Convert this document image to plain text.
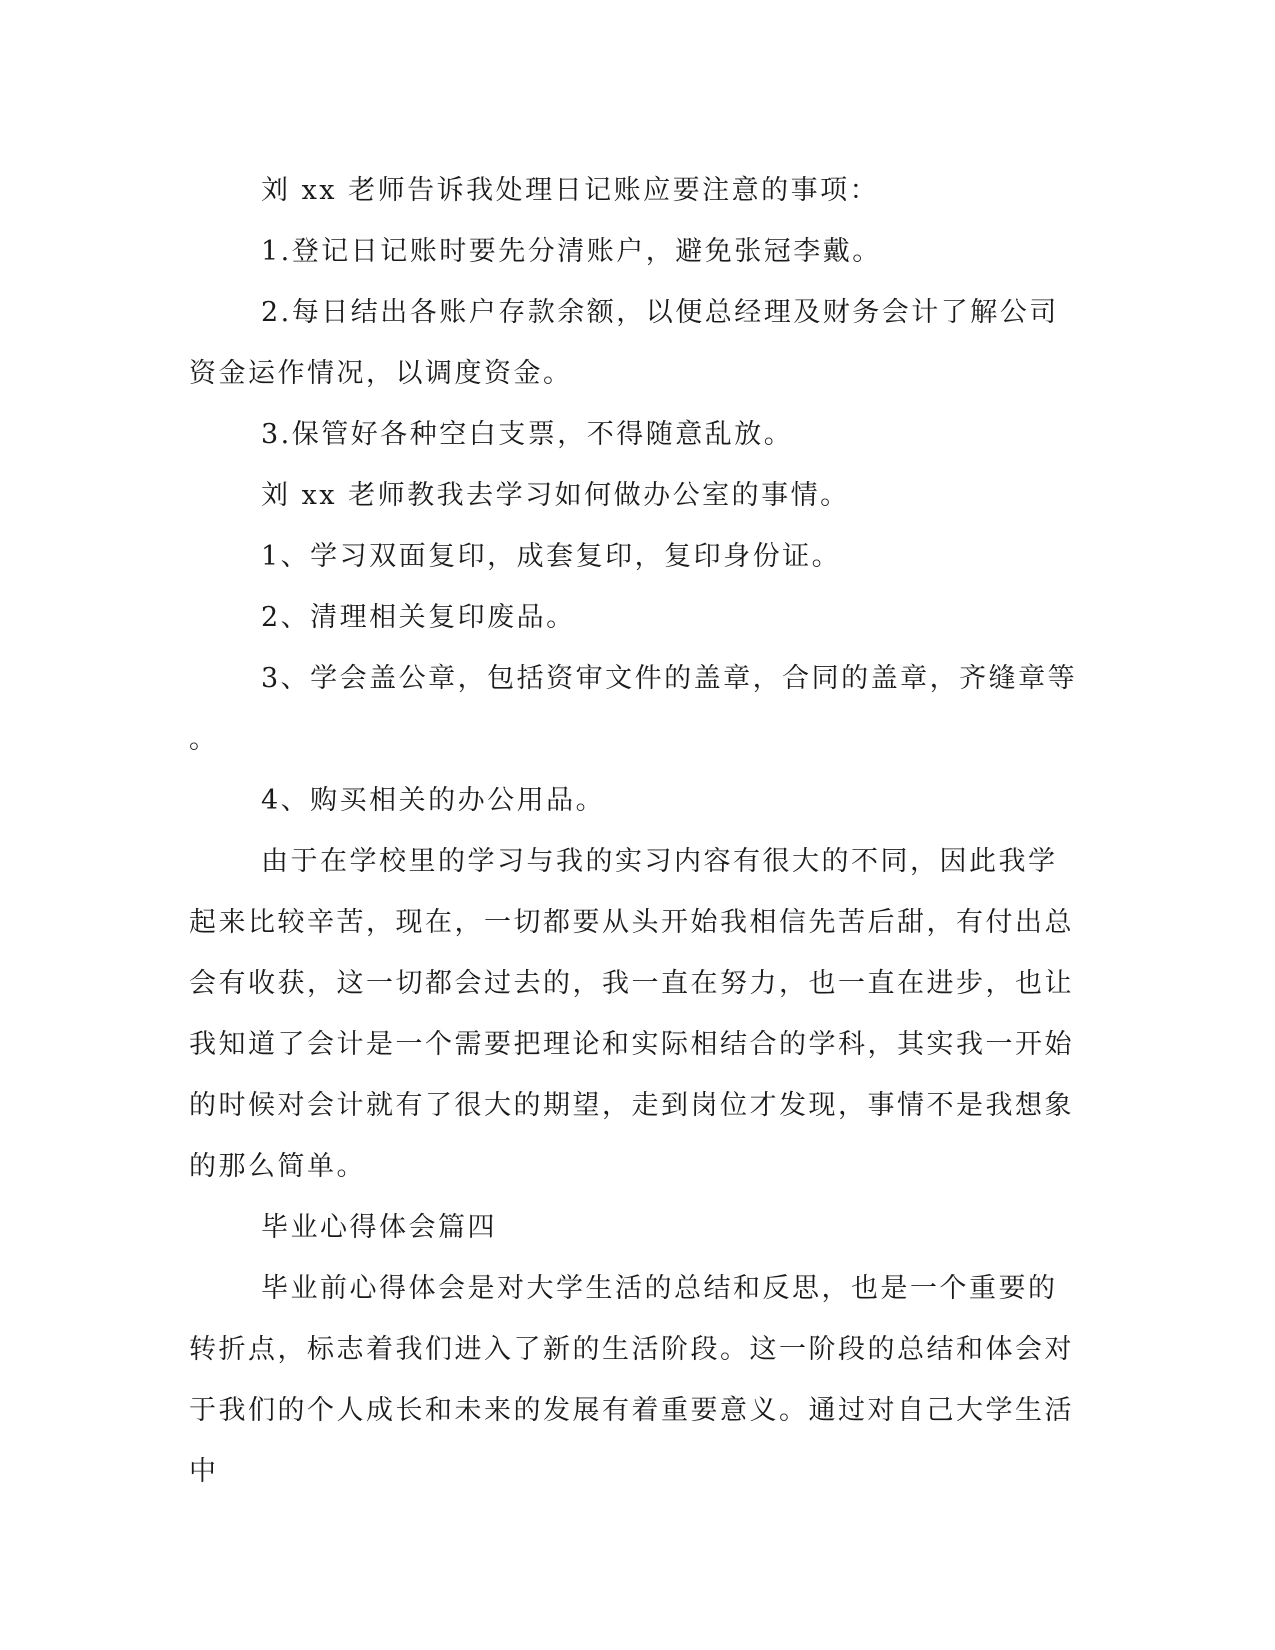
刘 xx 老师告诉我处理日记账应要注意的事项：

1.登记日记账时要先分清账户，避免张冠李戴。

2.每日结出各账户存款余额，以便总经理及财务会计了解公司资金运作情况，以调度资金。

3.保管好各种空白支票，不得随意乱放。

刘 xx 老师教我去学习如何做办公室的事情。

1、学习双面复印，成套复印，复印身份证。

2、清理相关复印废品。

3、学会盖公章，包括资审文件的盖章，合同的盖章，齐缝章等

。

4、购买相关的办公用品。

由于在学校里的学习与我的实习内容有很大的不同，因此我学起来比较辛苦，现在，一切都要从头开始我相信先苦后甜，有付出总会有收获，这一切都会过去的，我一直在努力，也一直在进步，也让我知道了会计是一个需要把理论和实际相结合的学科，其实我一开始的时候对会计就有了很大的期望，走到岗位才发现，事情不是我想象的那么简单。

毕业心得体会篇四

毕业前心得体会是对大学生活的总结和反思，也是一个重要的转折点，标志着我们进入了新的生活阶段。这一阶段的总结和体会对于我们的个人成长和未来的发展有着重要意义。通过对自己大学生活中
